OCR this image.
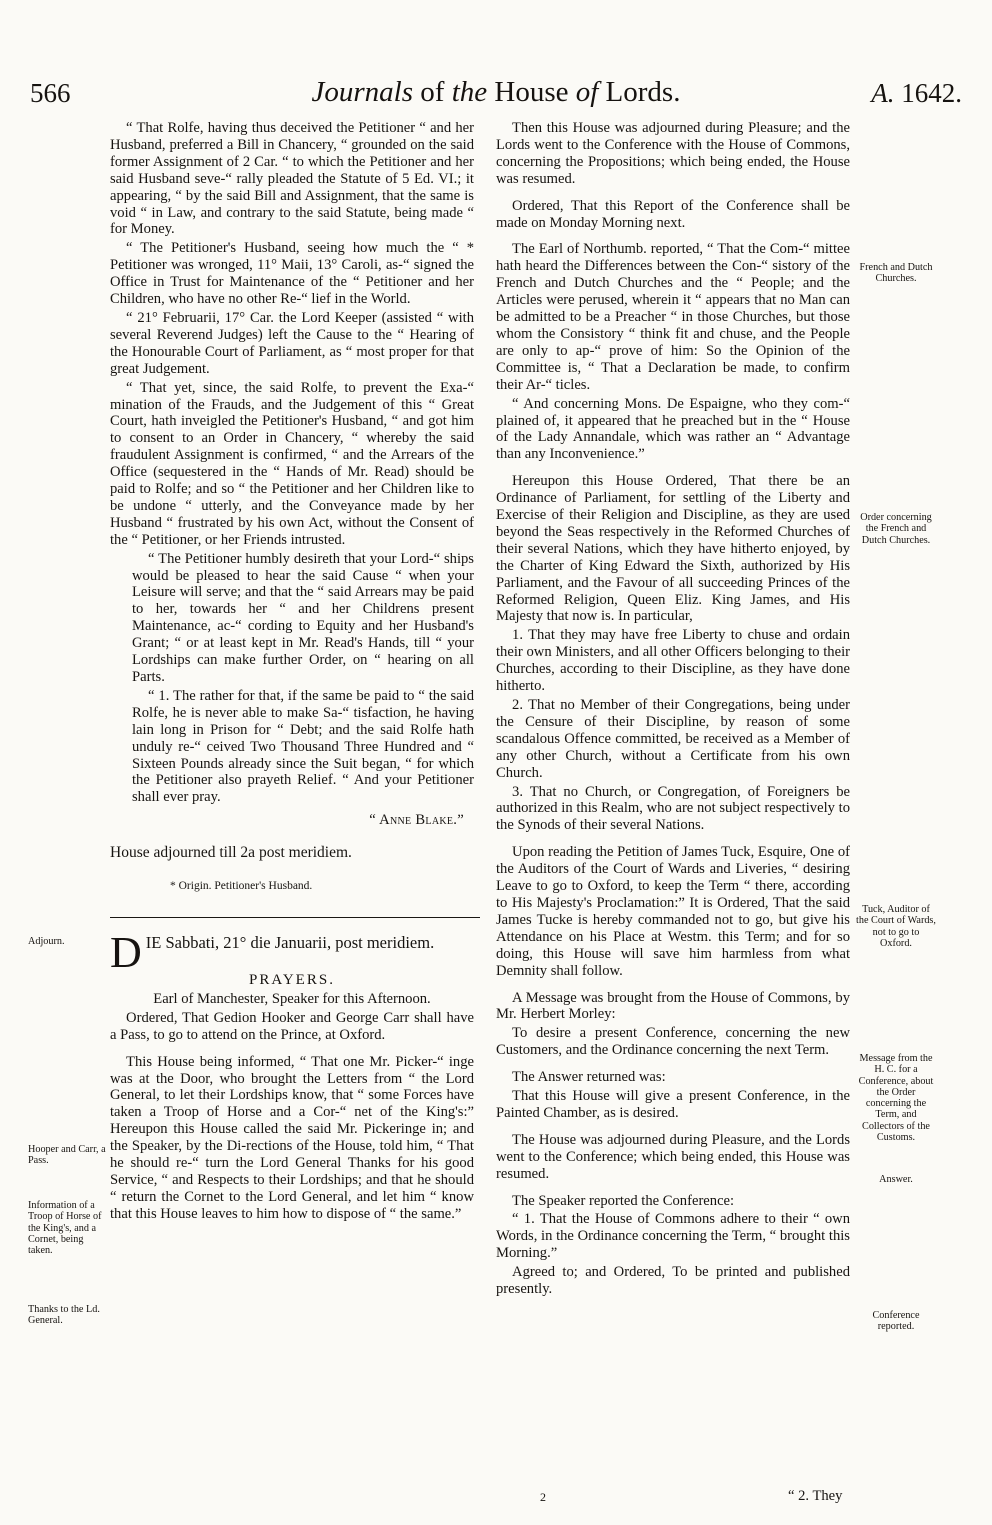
566	Journals of the House of Lords.	A. 1642.

“ That Rolfe, having thus deceived the Petitioner “ and her Husband, preferred a Bill in Chancery, “ grounded on the said former Assignment of 2 Car. “ to which the Petitioner and her said Husband seve-“ rally pleaded the Statute of 5 Ed. VI.; it appearing, “ by the said Bill and Assignment, that the same is void “ in Law, and contrary to the said Statute, being made “ for Money.

“ The Petitioner's Husband, seeing how much the “ * Petitioner was wronged, 11° Maii, 13° Caroli, as-“ signed the Office in Trust for Maintenance of the “ Petitioner and her Children, who have no other Re-“ lief in the World.

“ 21° Februarii, 17° Car. the Lord Keeper (assisted “ with several Reverend Judges) left the Cause to the “ Hearing of the Honourable Court of Parliament, as “ most proper for that great Judgement.

“ That yet, since, the said Rolfe, to prevent the Exa-“ mination of the Frauds, and the Judgement of this “ Great Court, hath inveigled the Petitioner's Husband, “ and got him to consent to an Order in Chancery, “ whereby the said fraudulent Assignment is confirmed, “ and the Arrears of the Office (sequestered in the “ Hands of Mr. Read) should be paid to Rolfe; and so “ the Petitioner and her Children like to be undone “ utterly, and the Conveyance made by her Husband “ frustrated by his own Act, without the Consent of the “ Petitioner, or her Friends intrusted.

“ The Petitioner humbly desireth that your Lord-“ ships would be pleased to hear the said Cause “ when your Leisure will serve; and that the “ said Arrears may be paid to her, towards her “ and her Childrens present Maintenance, ac-“ cording to Equity and her Husband's Grant; “ or at least kept in Mr. Read's Hands, till “ your Lordships can make further Order, on “ hearing on all Parts.

“ 1. The rather for that, if the same be paid to “ the said Rolfe, he is never able to make Sa-“ tisfaction, he having lain long in Prison for “ Debt; and the said Rolfe hath unduly re-“ ceived Two Thousand Three Hundred and “ Sixteen Pounds already since the Suit began, “ for which the Petitioner also prayeth Relief. “ And your Petitioner shall ever pray.

“ Anne Blake.”

House adjourned till 2a post meridiem.

* Origin. Petitioner's Husband.

DIE Sabbati, 21° die Januarii, post meridiem.

PRAYERS.

Earl of Manchester, Speaker for this Afternoon.

Ordered, That Gedion Hooker and George Carr shall have a Pass, to go to attend on the Prince, at Oxford.

This House being informed, “ That one Mr. Picker-“ inge was at the Door, who brought the Letters from “ the Lord General, to let their Lordships know, that “ some Forces have taken a Troop of Horse and a Cor-“ net of the King's:” Hereupon this House called the said Mr. Pickeringe in; and the Speaker, by the Di-rections of the House, told him, “ That he should re-“ turn the Lord General Thanks for his good Service, “ and Respects to their Lordships; and that he should “ return the Cornet to the Lord General, and let him “ know that this House leaves to him how to dispose of “ the same.”

Then this House was adjourned during Pleasure; and the Lords went to the Conference with the House of Commons, concerning the Propositions; which being ended, the House was resumed.

Ordered, That this Report of the Conference shall be made on Monday Morning next.

The Earl of Northumb. reported, “ That the Com-“ mittee hath heard the Differences between the Con-“ sistory of the French and Dutch Churches and the “ People; and the Articles were perused, wherein it “ appears that no Man can be admitted to be a Preacher “ in those Churches, but those whom the Consistory “ think fit and chuse, and the People are only to ap-“ prove of him: So the Opinion of the Committee is, “ That a Declaration be made, to confirm their Ar-“ ticles.

“ And concerning Mons. De Espaigne, who they com-“ plained of, it appeared that he preached but in the “ House of the Lady Annandale, which was rather an “ Advantage than any Inconvenience.”

Hereupon this House Ordered, That there be an Ordinance of Parliament, for settling of the Liberty and Exercise of their Religion and Discipline, as they are used beyond the Seas respectively in the Reformed Churches of their several Nations, which they have hitherto enjoyed, by the Charter of King Edward the Sixth, authorized by His Parliament, and the Favour of all succeeding Princes of the Reformed Religion, Queen Eliz. King James, and His Majesty that now is. In particular,

1. That they may have free Liberty to chuse and ordain their own Ministers, and all other Officers belonging to their Churches, according to their Discipline, as they have done hitherto.

2. That no Member of their Congregations, being under the Censure of their Discipline, by reason of some scandalous Offence committed, be received as a Member of any other Church, without a Certificate from his own Church.

3. That no Church, or Congregation, of Foreigners be authorized in this Realm, who are not subject respectively to the Synods of their several Nations.

Upon reading the Petition of James Tuck, Esquire, One of the Auditors of the Court of Wards and Liveries, “ desiring Leave to go to Oxford, to keep the Term “ there, according to His Majesty's Proclamation:” It is Ordered, That the said James Tucke is hereby commanded not to go, but give his Attendance on his Place at Westm. this Term; and for so doing, this House will save him harmless from what Demnity shall follow.

A Message was brought from the House of Commons, by Mr. Herbert Morley:

To desire a present Conference, concerning the new Customers, and the Ordinance concerning the next Term.

The Answer returned was:

That this House will give a present Conference, in the Painted Chamber, as is desired.

The House was adjourned during Pleasure, and the Lords went to the Conference; which being ended, this House was resumed.

The Speaker reported the Conference:

“ 1. That the House of Commons adhere to their “ own Words, in the Ordinance concerning the Term, “ brought this Morning.”

Agreed to; and Ordered, To be printed and published presently.

Adjourn.
Hooper and Carr, a Pass.
Information of a Troop of Horse of the King's, and a Cornet, being taken.
Thanks to the Ld. General.
French and Dutch Churches.
Order concerning the French and Dutch Churches.
Tuck, Auditor of the Court of Wards, not to go to Oxford.
Message from the H. C. for a Conference, about the Order concerning the Term, and Collectors of the Customs.
Answer.
Conference reported.
2	“ 2. They
